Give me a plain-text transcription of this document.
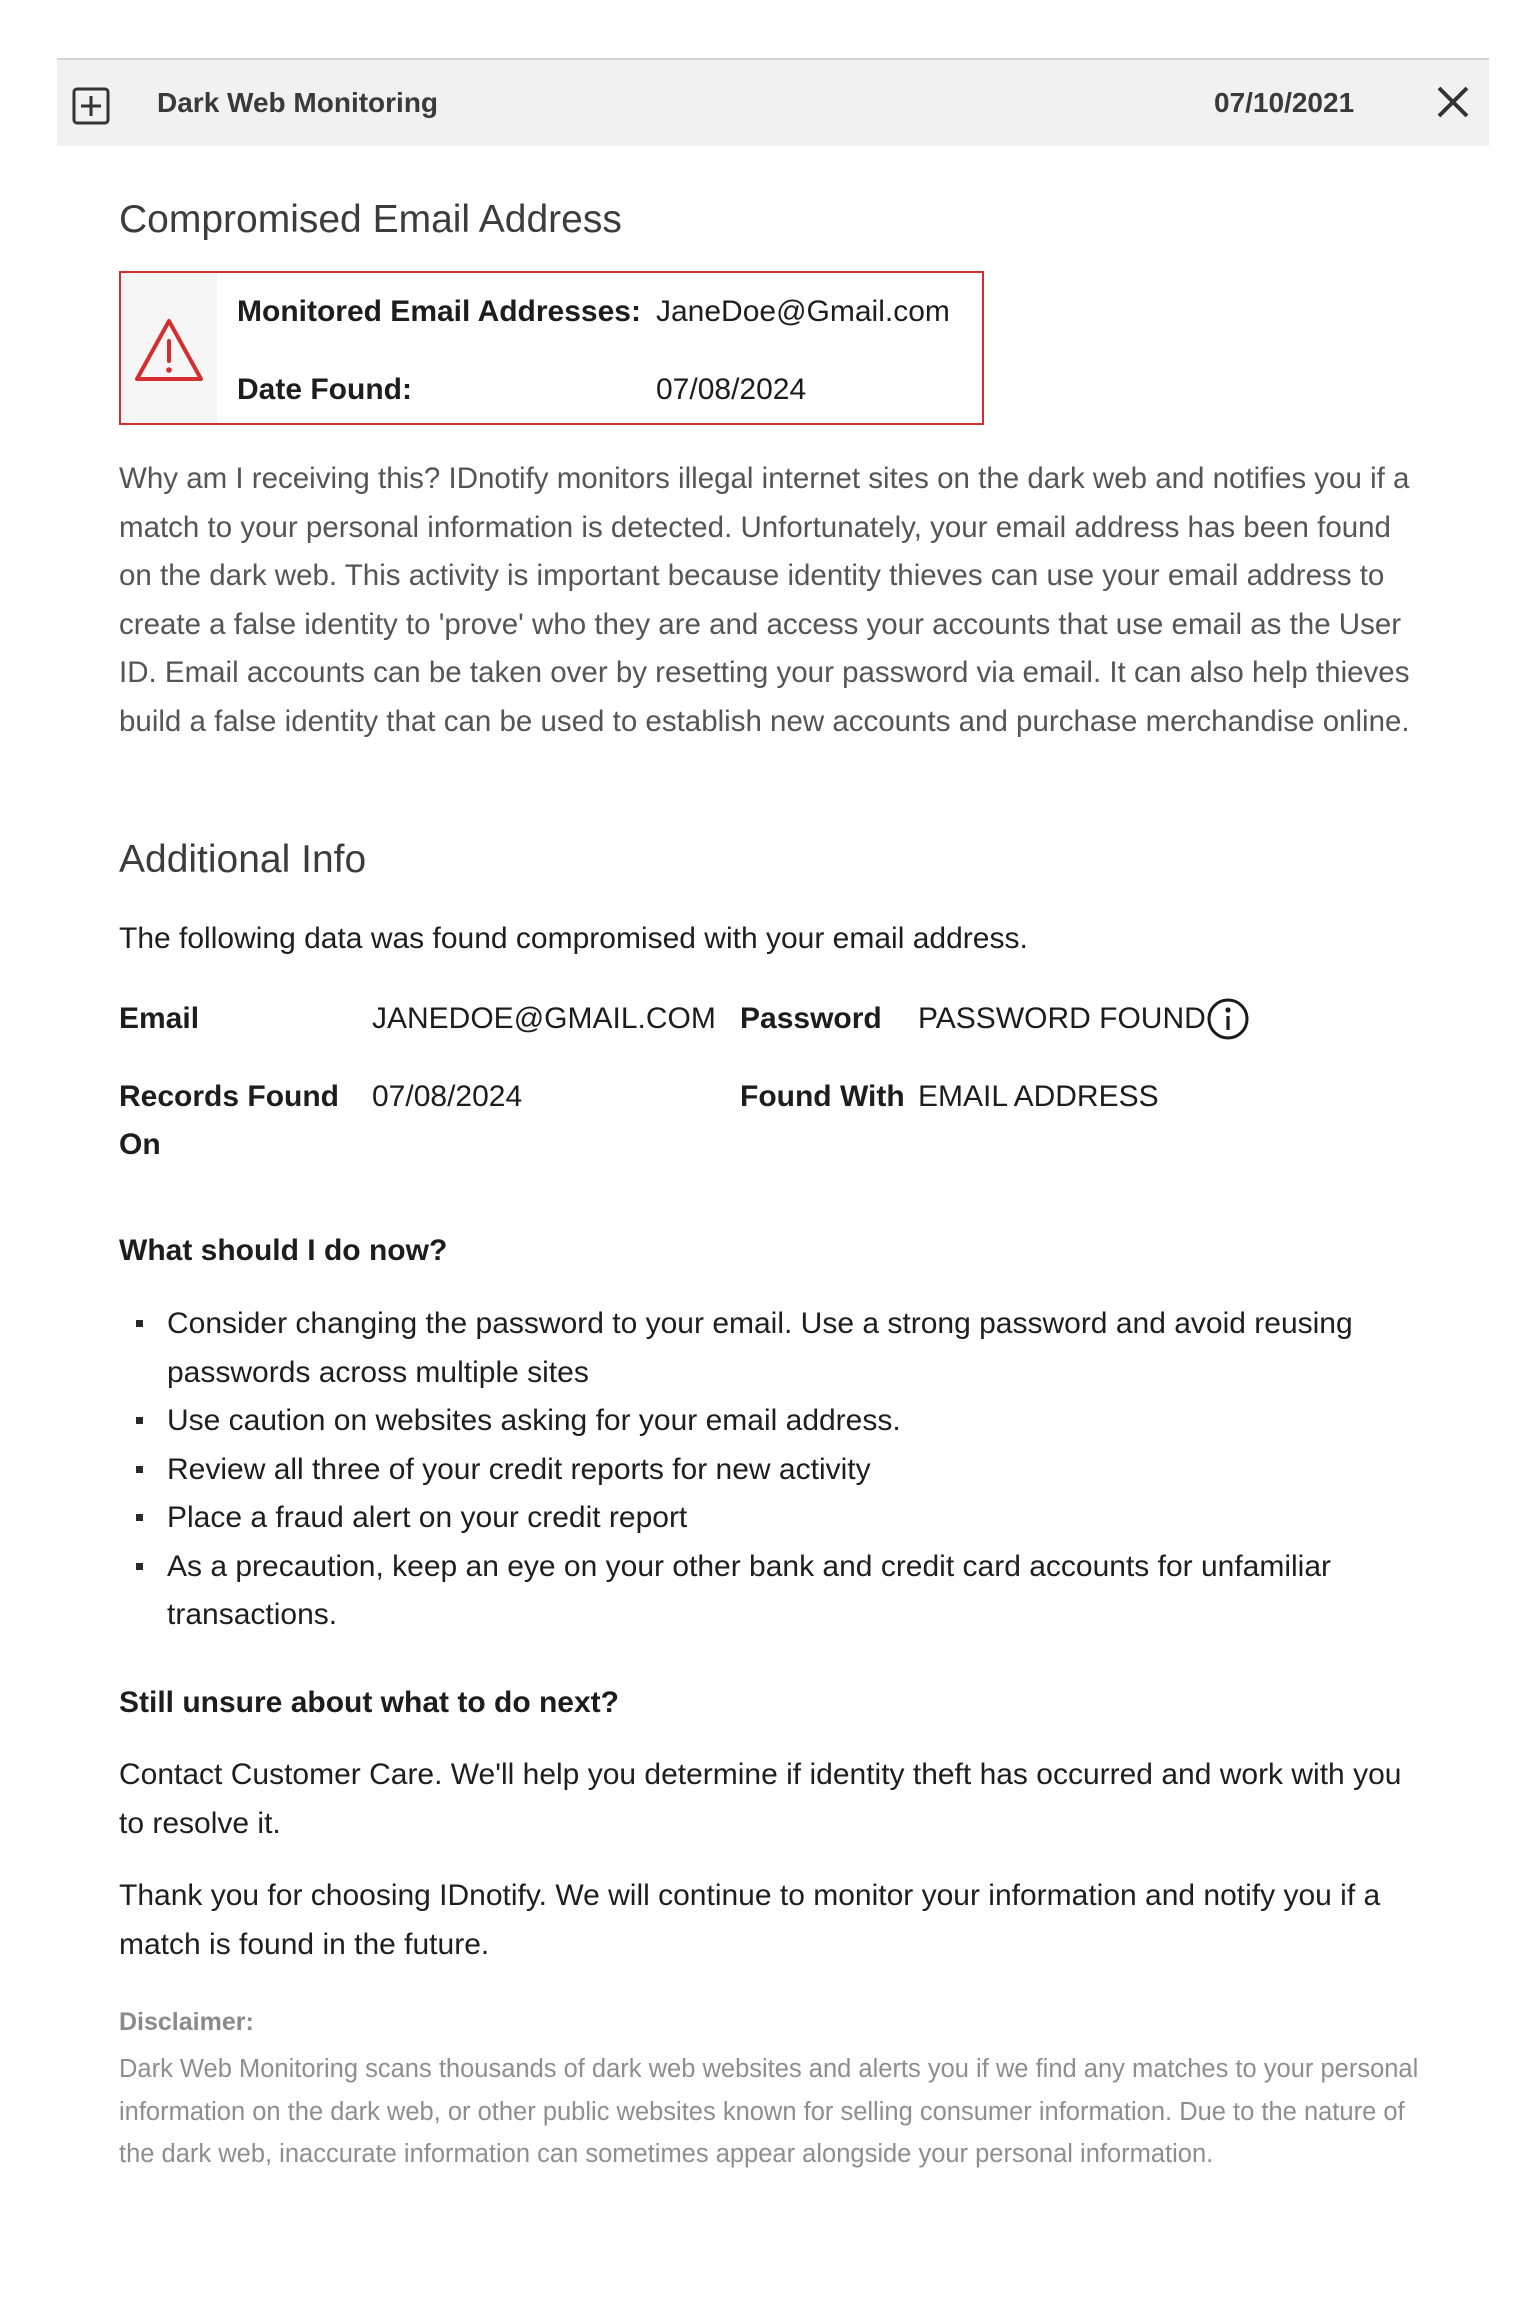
Dark Web Monitoring	07/10/2021
Compromised Email Address
Monitored Email Addresses: JaneDoe@Gmail.com
Date Found:	07/08/2024

Why am I receiving this? IDnotify monitors illegal internet sites on the dark web and notifies you if a match to your personal information is detected. Unfortunately, your email address has been found on the dark web. This activity is important because identity thieves can use your email address to create a false identity to 'prove' who they are and access your accounts that use email as the User ID. Email accounts can be taken over by resetting your password via email. It can also help thieves build a false identity that can be used to establish new accounts and purchase merchandise online.

Additional Info

The following data was found compromised with your email address.

Email	JANEDOE@GMAIL.COM Password PASSWORD FOUND
Records Found
On
07/08/2024	Found With EMAIL ADDRESS
What should I do now?
Consider changing the password to your email. Use a strong password and avoid reusing passwords across multiple sites
Use caution on websites asking for your email address.
Review all three of your credit reports for new activity
Place a fraud alert on your credit report
As a precaution, keep an eye on your other bank and credit card accounts for unfamiliar transactions.
Still unsure about what to do next?

Contact Customer Care. We'll help you determine if identity theft has occurred and work with you to resolve it.

Thank you for choosing IDnotify. We will continue to monitor your information and notify you if a match is found in the future.

Disclaimer:

Dark Web Monitoring scans thousands of dark web websites and alerts you if we find any matches to your personal information on the dark web, or other public websites known for selling consumer information. Due to the nature of the dark web, inaccurate information can sometimes appear alongside your personal information.
